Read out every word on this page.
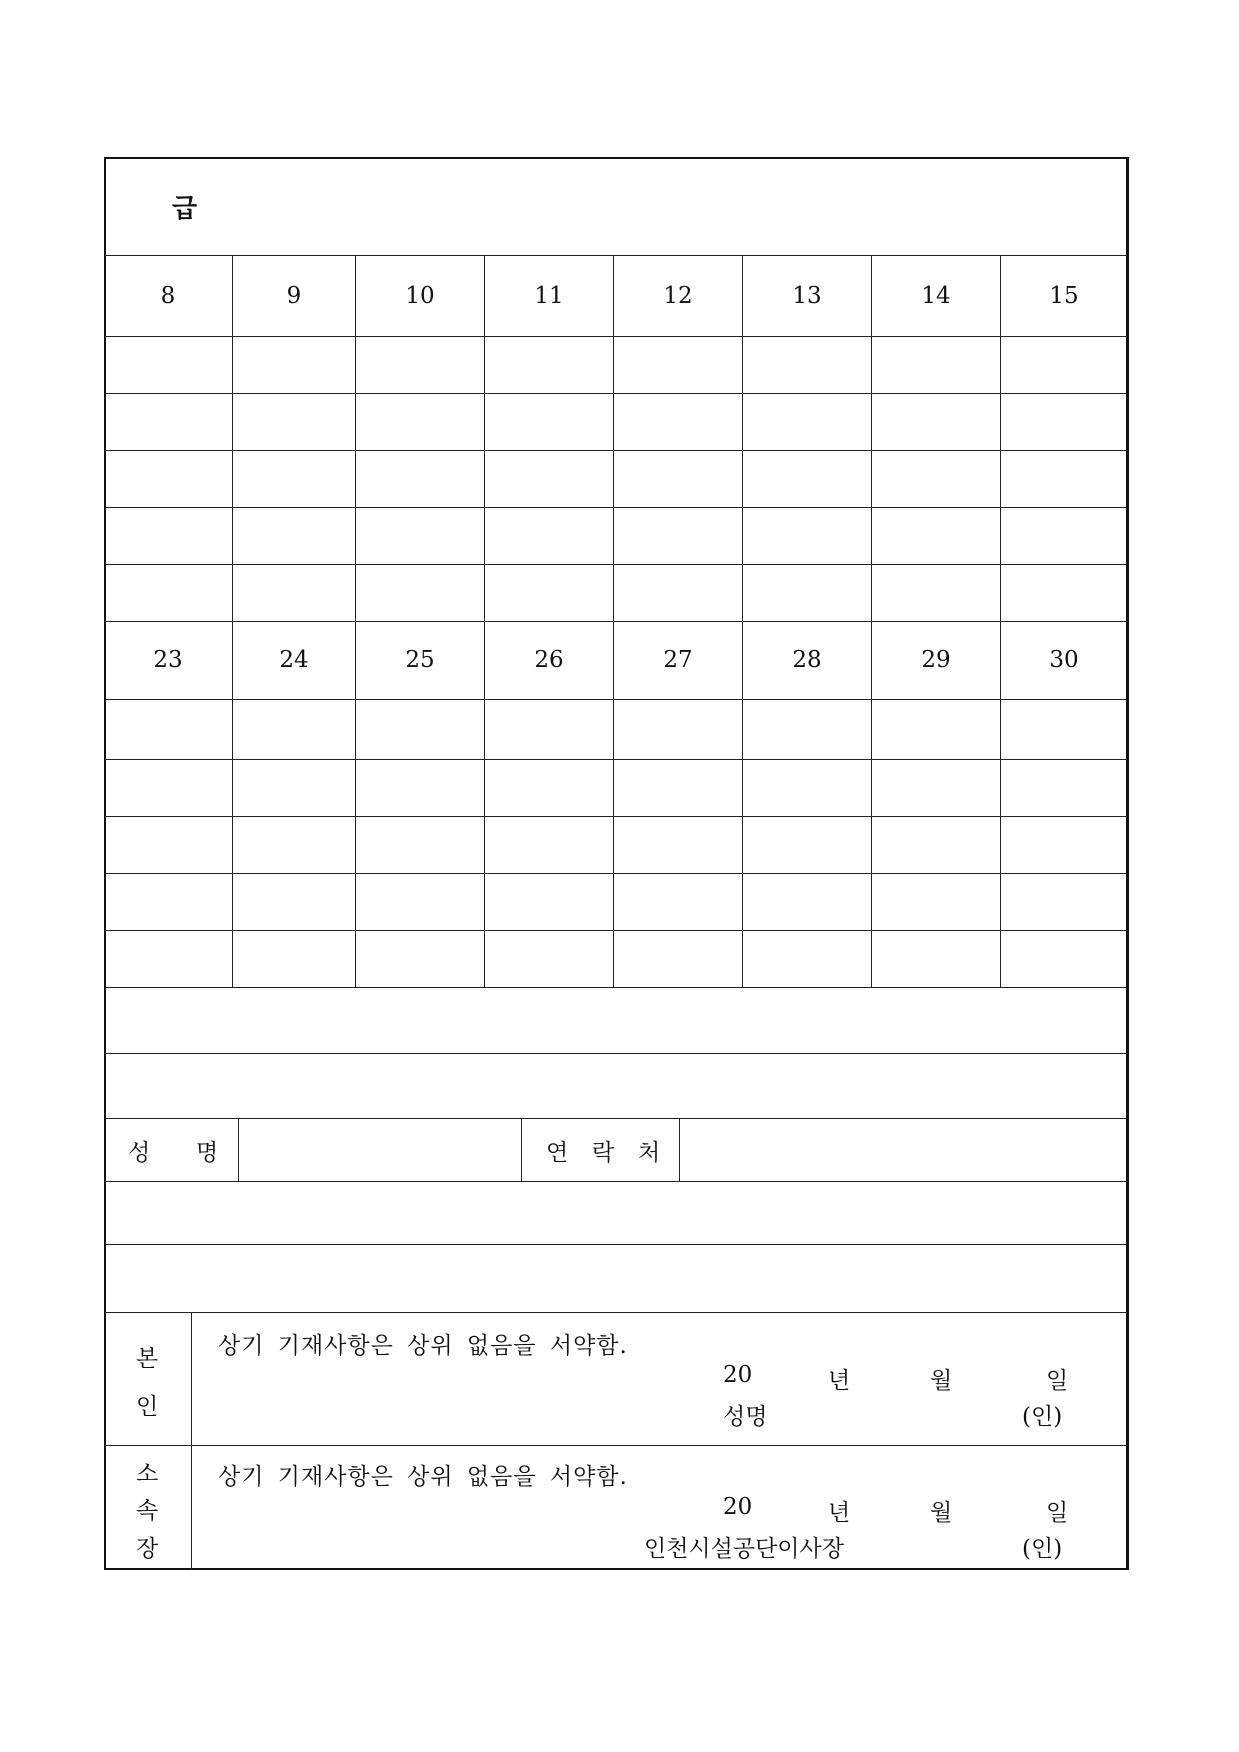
급
8	9	10	11	12	13	14	15
23	24	25	26	27	28	29	30
성 명	연 락 처
본
인
상기 기재사항은 상위 없음을 서약함.
20	년	월	일
성명	(인)
소
속
장
상기 기재사항은 상위 없음을 서약함.
20	년	월	일
인천시설공단이사장	(인)
